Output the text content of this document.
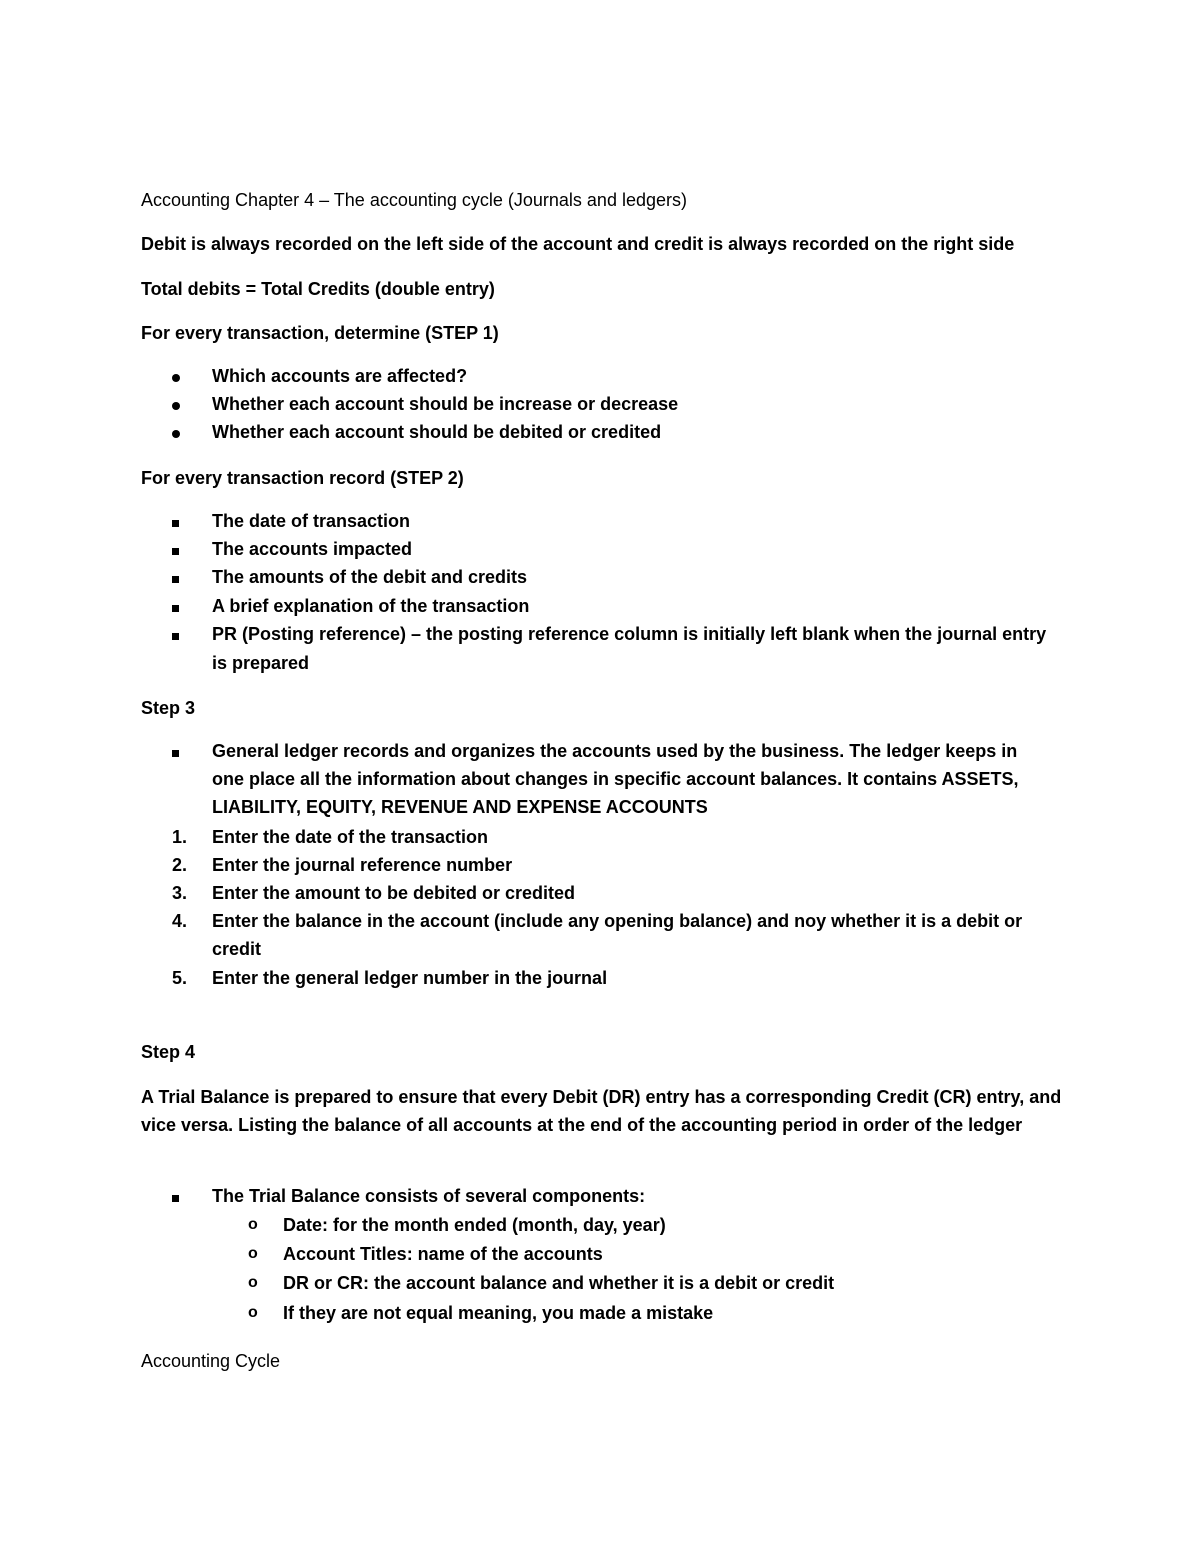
Accounting Chapter 4 – The accounting cycle (Journals and ledgers)
Debit is always recorded on the left side of the account and credit is always recorded on the right side
Total debits = Total Credits (double entry)
For every transaction, determine (STEP 1)
Which accounts are affected?
Whether each account should be increase or decrease
Whether each account should be debited or credited
For every transaction record (STEP 2)
The date of transaction
The accounts impacted
The amounts of the debit and credits
A brief explanation of the transaction
PR (Posting reference) – the posting reference column is initially left blank when the journal entry is prepared
Step 3
General ledger records and organizes the accounts used by the business. The ledger keeps in one place all the information about changes in specific account balances. It contains ASSETS, LIABILITY, EQUITY, REVENUE AND EXPENSE ACCOUNTS
1.	Enter the date of the transaction
2.	Enter the journal reference number
3.	Enter the amount to be debited or credited
4.	Enter the balance in the account (include any opening balance) and noy whether it is a debit or credit
5.	Enter the general ledger number in the journal
Step 4
A Trial Balance is prepared to ensure that every Debit (DR) entry has a corresponding Credit (CR) entry, and vice versa. Listing the balance of all accounts at the end of the accounting period in order of the ledger
The Trial Balance consists of several components:
o	Date: for the month ended (month, day, year)
o	Account Titles: name of the accounts
o	DR or CR: the account balance and whether it is a debit or credit
o	If they are not equal meaning, you made a mistake
Accounting Cycle
